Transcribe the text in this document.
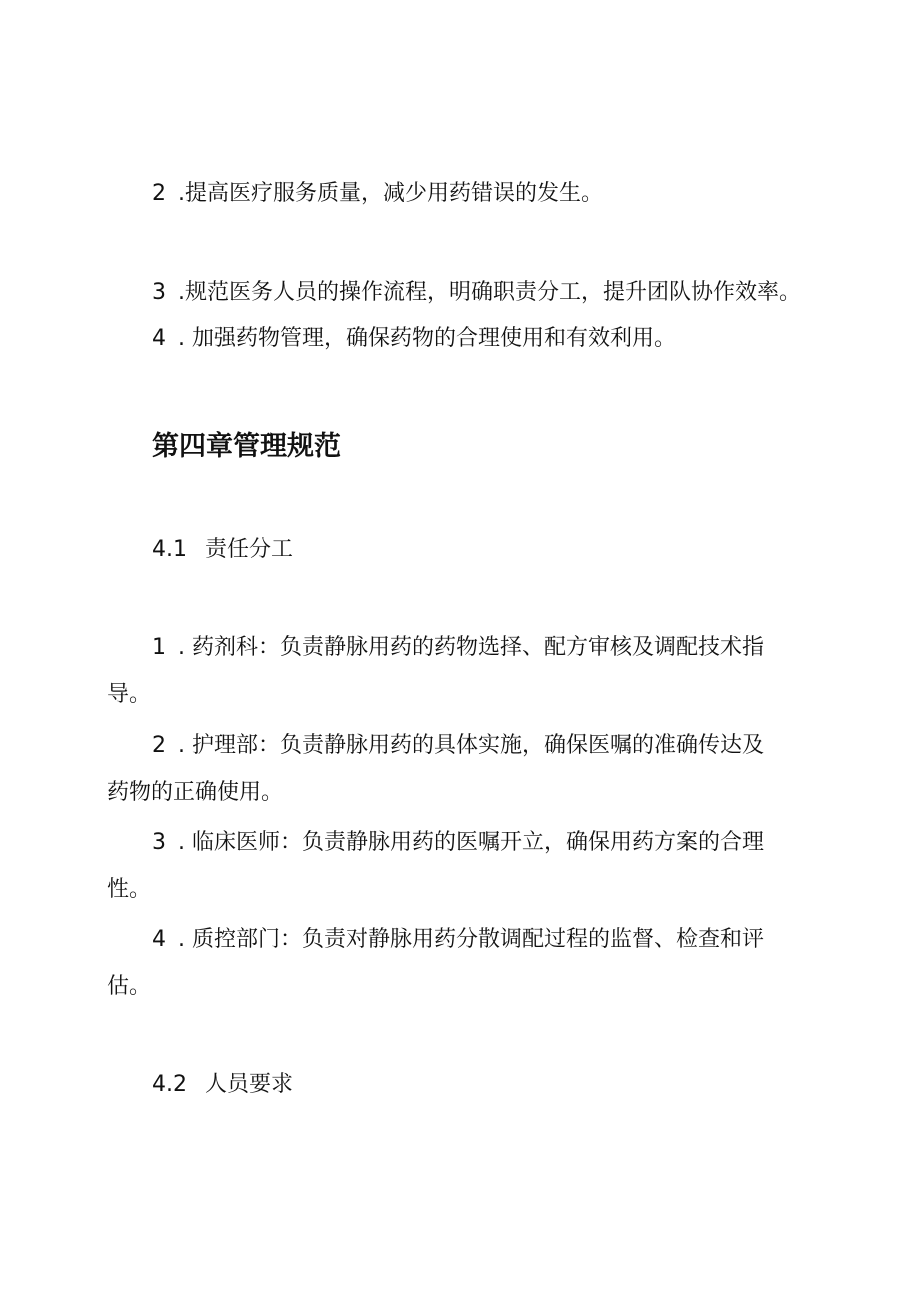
2 .提高医疗服务质量，减少用药错误的发生。
3 .规范医务人员的操作流程，明确职责分工，提升团队协作效率。
4 . 加强药物管理，确保药物的合理使用和有效利用。
第四章管理规范
4.1 责任分工
1 . 药剂科：负责静脉用药的药物选择、配方审核及调配技术指
导。
2 . 护理部：负责静脉用药的具体实施，确保医嘱的准确传达及
药物的正确使用。
3 . 临床医师：负责静脉用药的医嘱开立，确保用药方案的合理
性。
4 . 质控部门：负责对静脉用药分散调配过程的监督、检查和评
估。
4.2 人员要求
